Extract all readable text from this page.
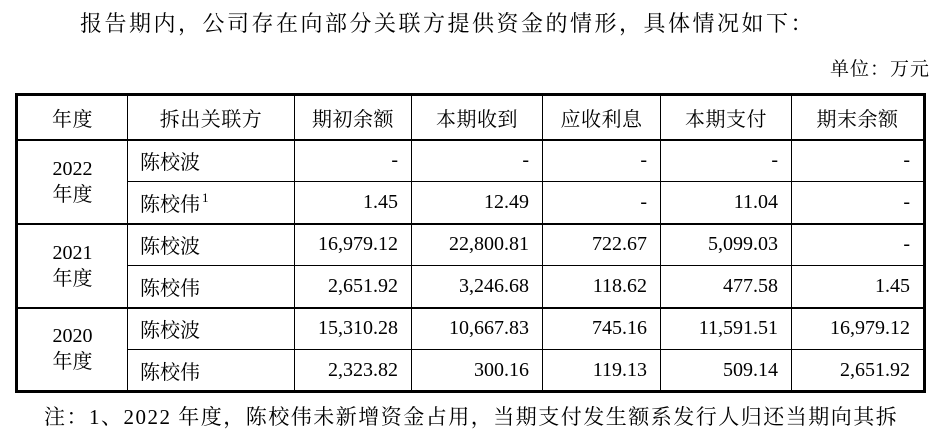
报告期内，公司存在向部分关联方提供资金的情形，具体情况如下：

单位：万元

年度	拆出关联方	期初余额	本期收到	应收利息	本期支付	期末余额

2022
年度	陈校波	-	-	-	-	-
	陈校伟 $^1$	1.45	12.49	-	11.04	-

2021
年度	陈校波	16,979.12	22,800.81	722.67	5,099.03	-
	陈校伟	2,651.92	3,246.68	118.62	477.58	1.45

2020
年度	陈校波	15,310.28	10,667.83	745.16	11,591.51	16,979.12
	陈校伟	2,323.82	300.16	119.13	509.14	2,651.92

注：1、2022 年度，陈校伟未新增资金占用，当期支付发生额系发行人归还当期向其拆
